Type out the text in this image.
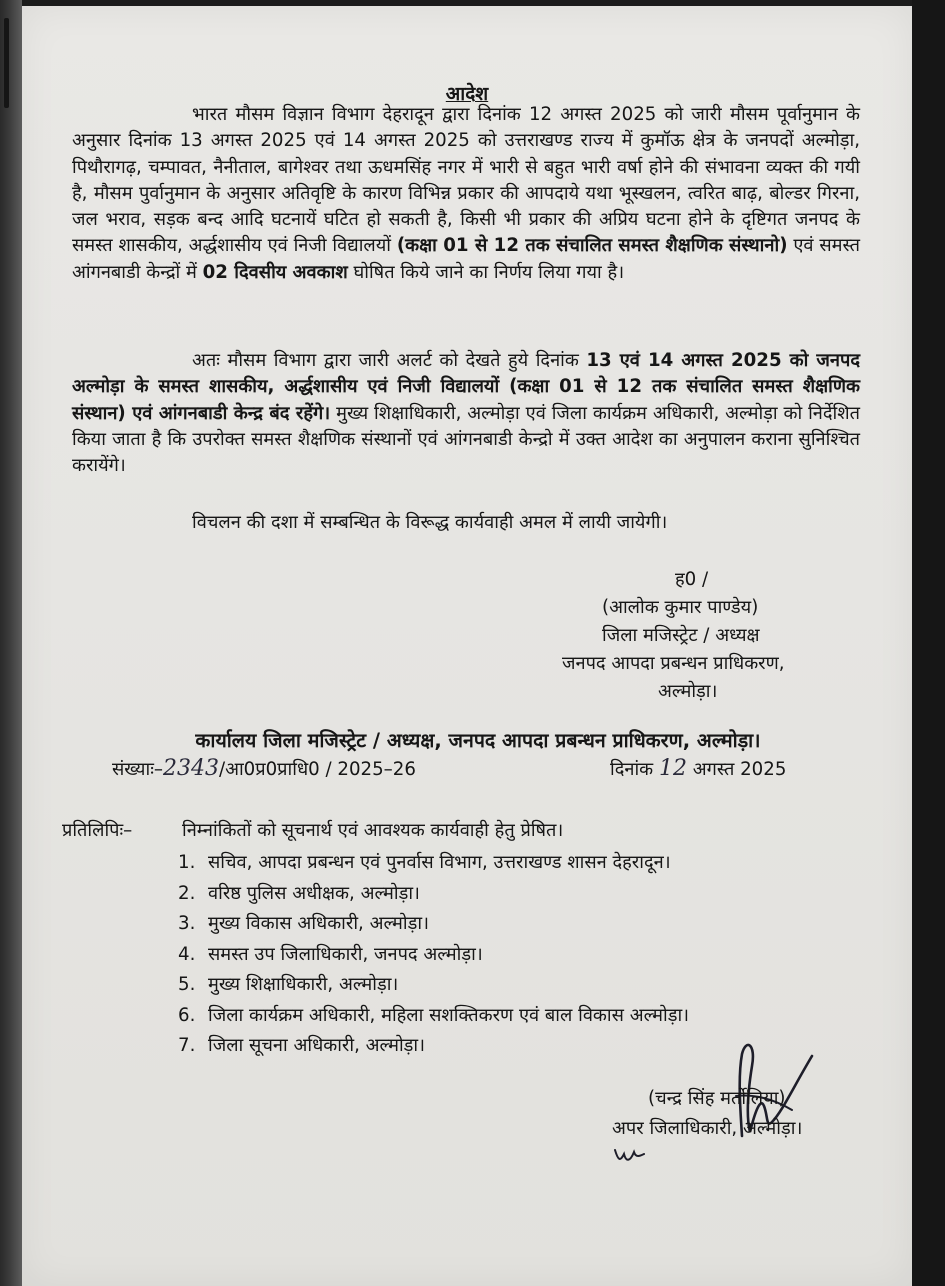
आदेश
भारत मौसम विज्ञान विभाग देहरादून द्वारा दिनांक 12 अगस्त 2025 को जारी मौसम पूर्वानुमान के अनुसार दिनांक 13 अगस्त 2025 एवं 14 अगस्त 2025 को उत्तराखण्ड राज्य में कुमॉऊ क्षेत्र के जनपदों अल्मोड़ा, पिथौरागढ़, चम्पावत, नैनीताल, बागेश्वर तथा ऊधमसिंह नगर में भारी से बहुत भारी वर्षा होने की संभावना व्यक्त की गयी है, मौसम पुर्वानुमान के अनुसार अतिवृष्टि के कारण विभिन्न प्रकार की आपदाये यथा भूस्खलन, त्वरित बाढ़, बोल्डर गिरना, जल भराव, सड़क बन्द आदि घटनायें घटित हो सकती है, किसी भी प्रकार की अप्रिय घटना होने के दृष्टिगत जनपद के समस्त शासकीय, अर्द्धशासीय एवं निजी विद्यालयों (कक्षा 01 से 12 तक संचालित समस्त शैक्षणिक संस्थानो) एवं समस्त आंगनबाडी केन्द्रों में 02 दिवसीय अवकाश घोषित किये जाने का निर्णय लिया गया है।
अतः मौसम विभाग द्वारा जारी अलर्ट को देखते हुये दिनांक 13 एवं 14 अगस्त 2025 को जनपद अल्मोड़ा के समस्त शासकीय, अर्द्धशासीय एवं निजी विद्यालयों (कक्षा 01 से 12 तक संचालित समस्त शैक्षणिक संस्थान) एवं आंगनबाडी केन्द्र बंद रहेंगे। मुख्य शिक्षाधिकारी, अल्मोड़ा एवं जिला कार्यक्रम अधिकारी, अल्मोड़ा को निर्देशित किया जाता है कि उपरोक्त समस्त शैक्षणिक संस्थानों एवं आंगनबाडी केन्द्रो में उक्त आदेश का अनुपालन कराना सुनिश्चित करायेंगे।
विचलन की दशा में सम्बन्धित के विरूद्ध कार्यवाही अमल में लायी जायेगी।
ह0 /
(आलोक कुमार पाण्डेय)
जिला मजिस्ट्रेट / अध्यक्ष
जनपद आपदा प्रबन्धन प्राधिकरण,
अल्मोड़ा।
कार्यालय जिला मजिस्ट्रेट / अध्यक्ष, जनपद आपदा प्रबन्धन प्राधिकरण, अल्मोड़ा।
संख्याः–2343/आ0प्र0प्राधि0 / 2025–26	दिनांक 12 अगस्त 2025
प्रतिलिपिः–	निम्नांकितों को सूचनार्थ एवं आवश्यक कार्यवाही हेतु प्रेषित।
1. सचिव, आपदा प्रबन्धन एवं पुनर्वास विभाग, उत्तराखण्ड शासन देहरादून।
2. वरिष्ठ पुलिस अधीक्षक, अल्मोड़ा।
3. मुख्य विकास अधिकारी, अल्मोड़ा।
4. समस्त उप जिलाधिकारी, जनपद अल्मोड़ा।
5. मुख्य शिक्षाधिकारी, अल्मोड़ा।
6. जिला कार्यक्रम अधिकारी, महिला सशक्तिकरण एवं बाल विकास अल्मोड़ा।
7. जिला सूचना अधिकारी, अल्मोड़ा।
(चन्द्र सिंह मर्तोलिया)
अपर जिलाधिकारी, अल्मोड़ा।
